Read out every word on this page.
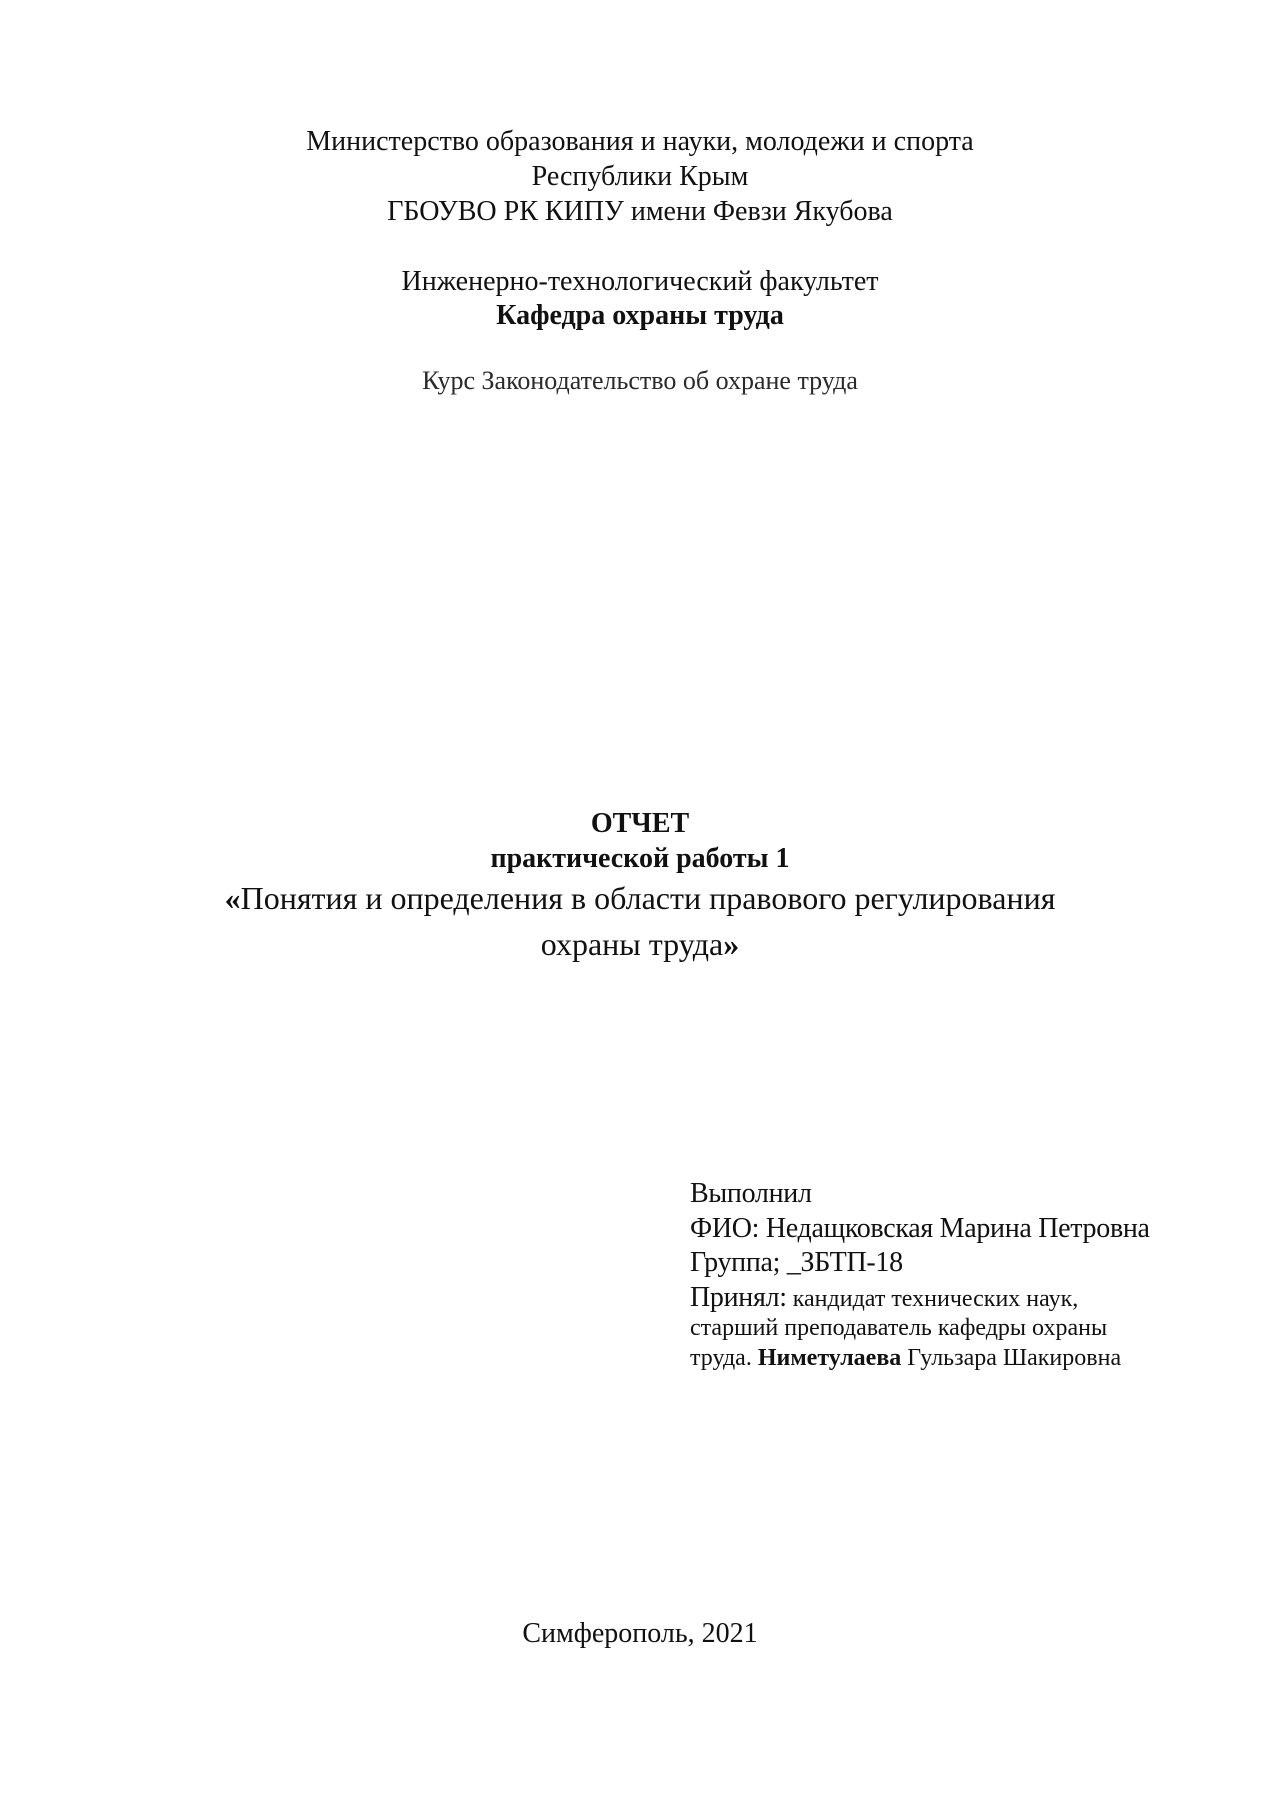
Министерство образования и науки, молодежи и спорта
Республики Крым
ГБОУВО РК КИПУ имени Февзи Якубова
Инженерно-технологический факультет
Кафедра охраны труда
Курс Законодательство об охране труда
ОТЧЕТ
практической работы 1
«Понятия и определения в области правового регулирования
охраны труда»
Выполнил
ФИО: Недащковская Марина Петровна
Группа; _ЗБТП-18
Принял: кандидат технических наук,
старший преподаватель кафедры охраны
труда. Ниметулаева Гульзара Шакировна
Симферополь, 2021
